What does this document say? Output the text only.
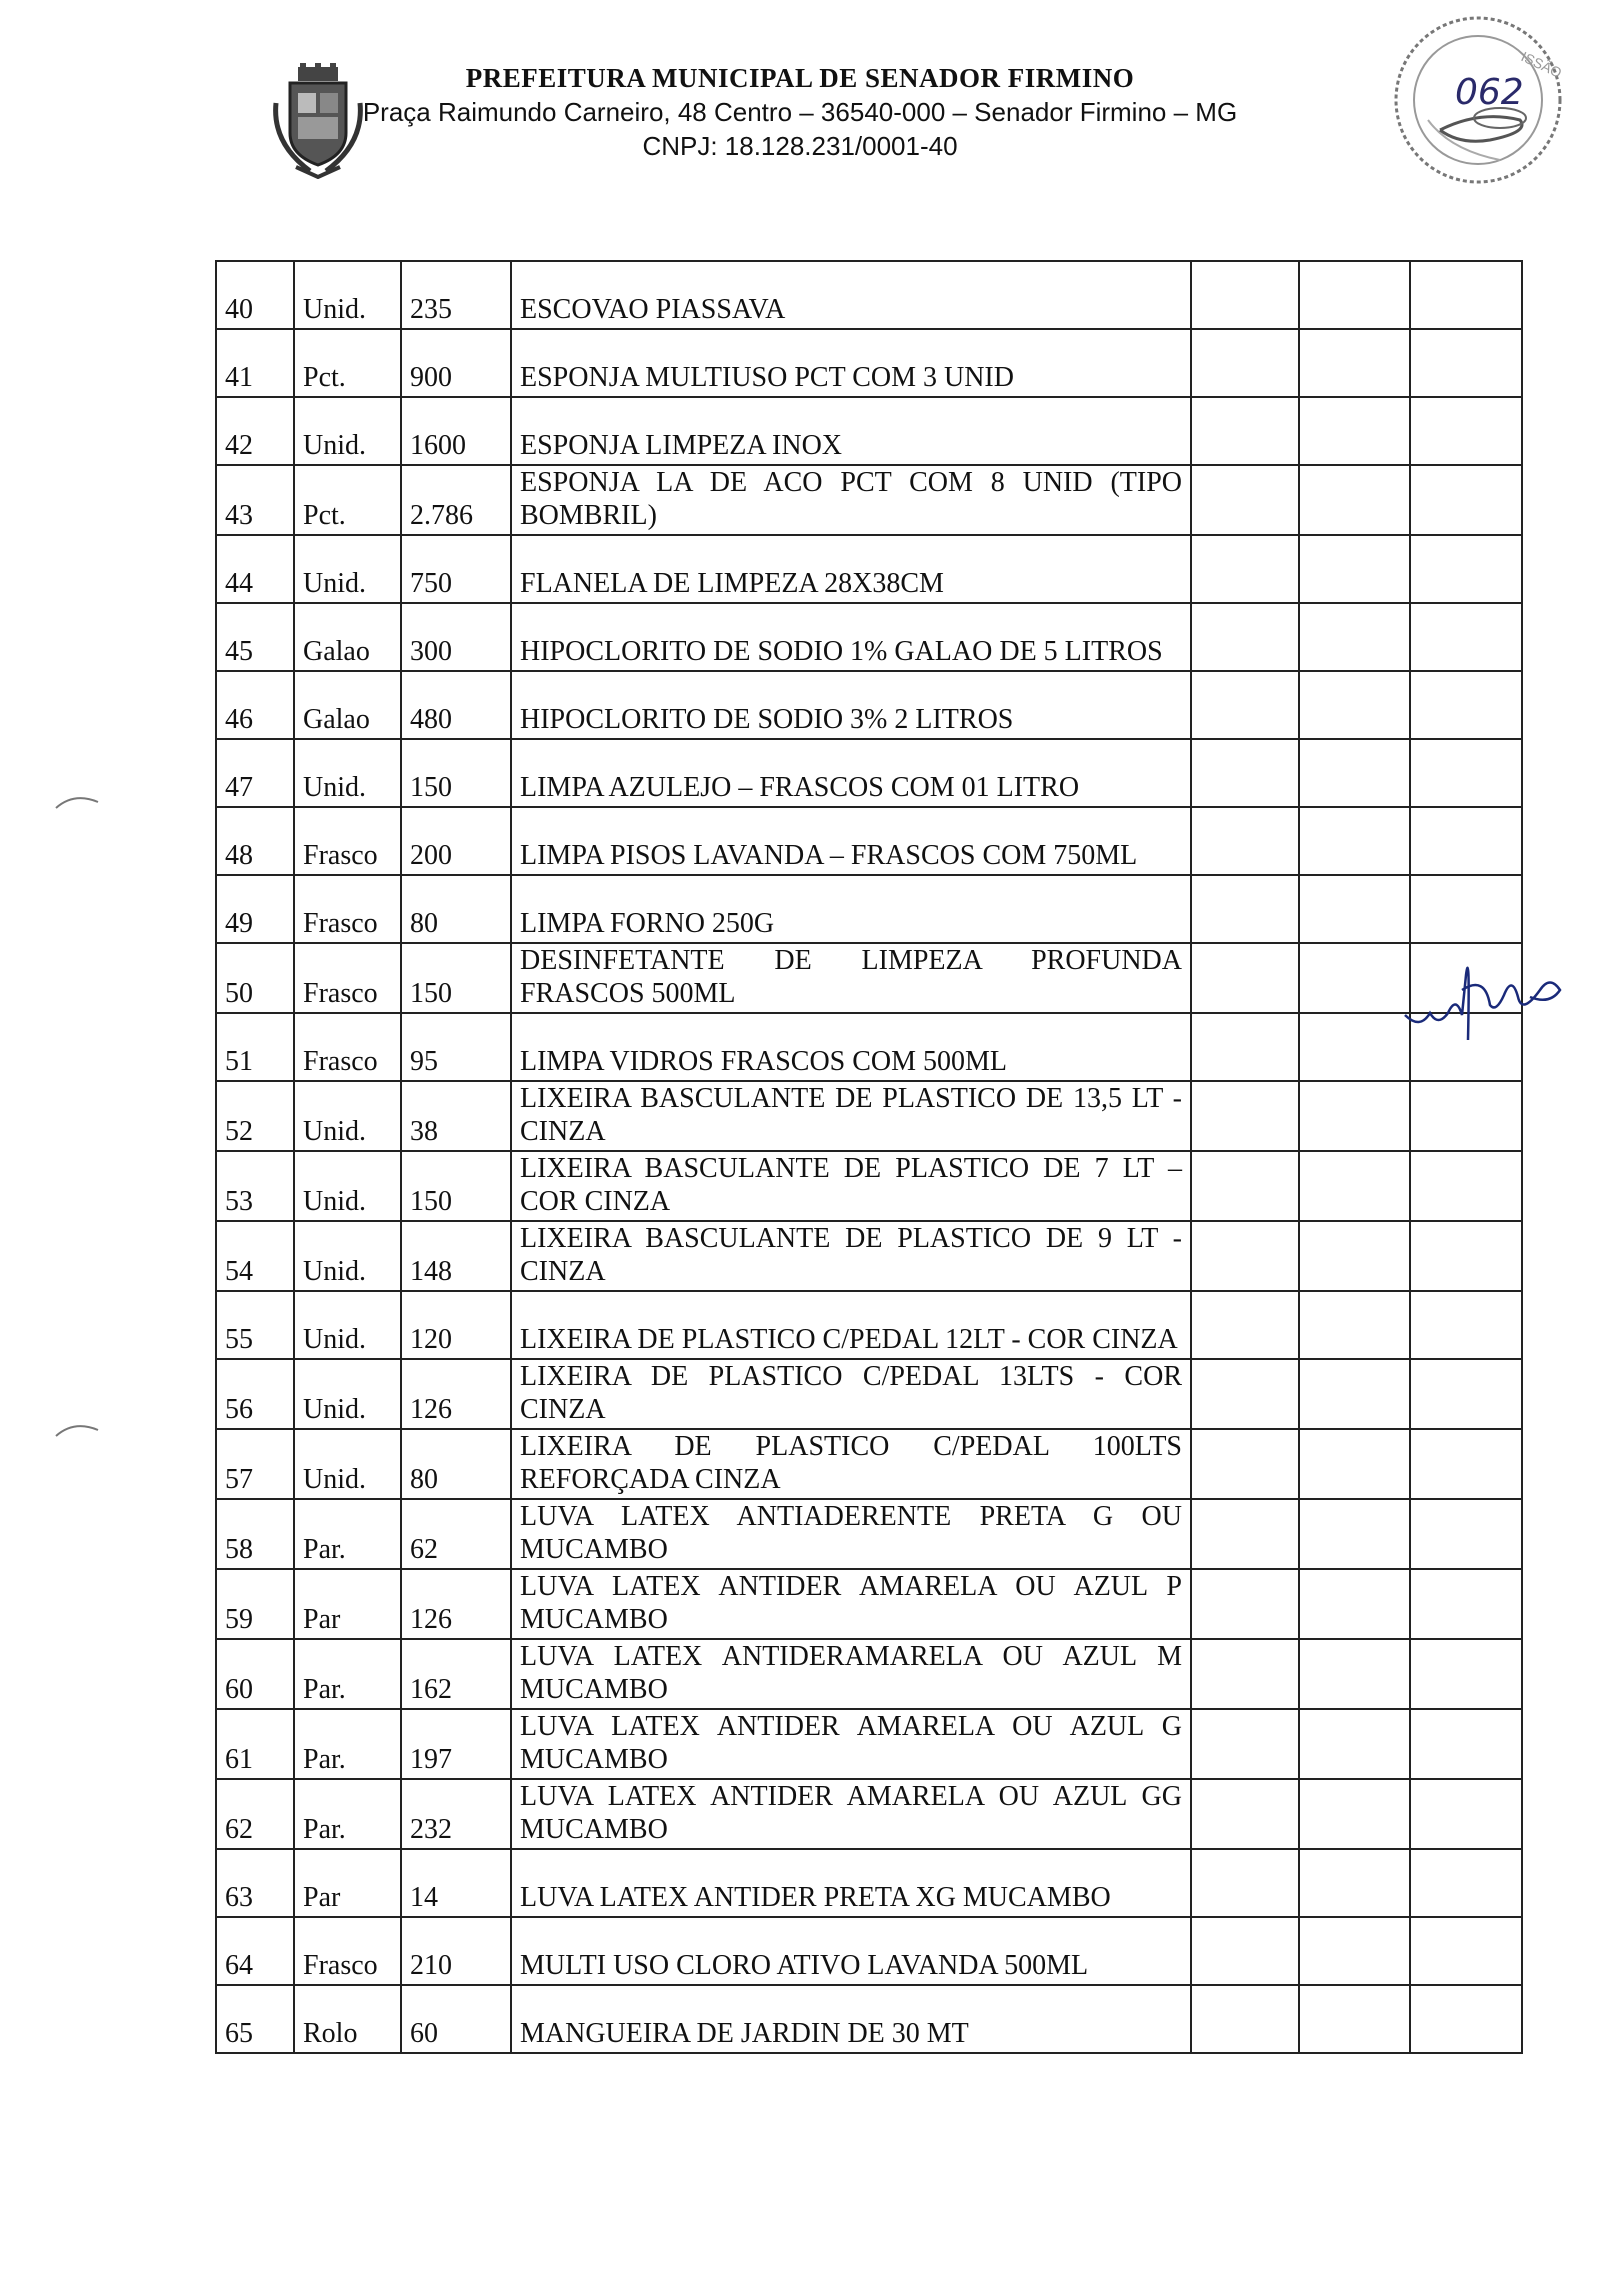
PREFEITURA MUNICIPAL DE SENADOR FIRMINO
Praça Raimundo Carneiro, 48 Centro – 36540-000 – Senador Firmino – MG
CNPJ: 18.128.231/0001-40
ISSÃO
062
40	Unid.	235	ESCOVAO PIASSAVA			
41	Pct.	900	ESPONJA MULTIUSO PCT COM 3 UNID			
42	Unid.	1600	ESPONJA LIMPEZA INOX			
43	Pct.	2.786	ESPONJA LA DE ACO PCT COM 8 UNID (TIPO BOMBRIL)			
44	Unid.	750	FLANELA DE LIMPEZA 28X38CM			
45	Galao	300	HIPOCLORITO DE SODIO 1% GALAO DE 5 LITROS			
46	Galao	480	HIPOCLORITO DE SODIO 3% 2 LITROS			
47	Unid.	150	LIMPA AZULEJO – FRASCOS COM 01 LITRO			
48	Frasco	200	LIMPA PISOS LAVANDA – FRASCOS COM 750ML			
49	Frasco	80	LIMPA FORNO 250G			
50	Frasco	150	DESINFETANTE DE LIMPEZA PROFUNDA FRASCOS 500ML			
51	Frasco	95	LIMPA VIDROS FRASCOS COM 500ML			
52	Unid.	38	LIXEIRA BASCULANTE DE PLASTICO DE 13,5 LT - CINZA			
53	Unid.	150	LIXEIRA BASCULANTE DE PLASTICO DE 7 LT – COR CINZA			
54	Unid.	148	LIXEIRA BASCULANTE DE PLASTICO DE 9 LT - CINZA			
55	Unid.	120	LIXEIRA DE PLASTICO C/PEDAL 12LT - COR CINZA			
56	Unid.	126	LIXEIRA DE PLASTICO C/PEDAL 13LTS - COR CINZA			
57	Unid.	80	LIXEIRA DE PLASTICO C/PEDAL 100LTS REFORÇADA CINZA			
58	Par.	62	LUVA LATEX ANTIADERENTE PRETA G OU MUCAMBO			
59	Par	126	LUVA LATEX ANTIDER AMARELA OU AZUL P MUCAMBO			
60	Par.	162	LUVA LATEX ANTIDERAMARELA OU AZUL M MUCAMBO			
61	Par.	197	LUVA LATEX ANTIDER AMARELA OU AZUL G MUCAMBO			
62	Par.	232	LUVA LATEX ANTIDER AMARELA OU AZUL GG MUCAMBO			
63	Par	14	LUVA LATEX ANTIDER PRETA XG MUCAMBO			
64	Frasco	210	MULTI USO CLORO ATIVO LAVANDA 500ML			
65	Rolo	60	MANGUEIRA DE JARDIN DE 30 MT			
